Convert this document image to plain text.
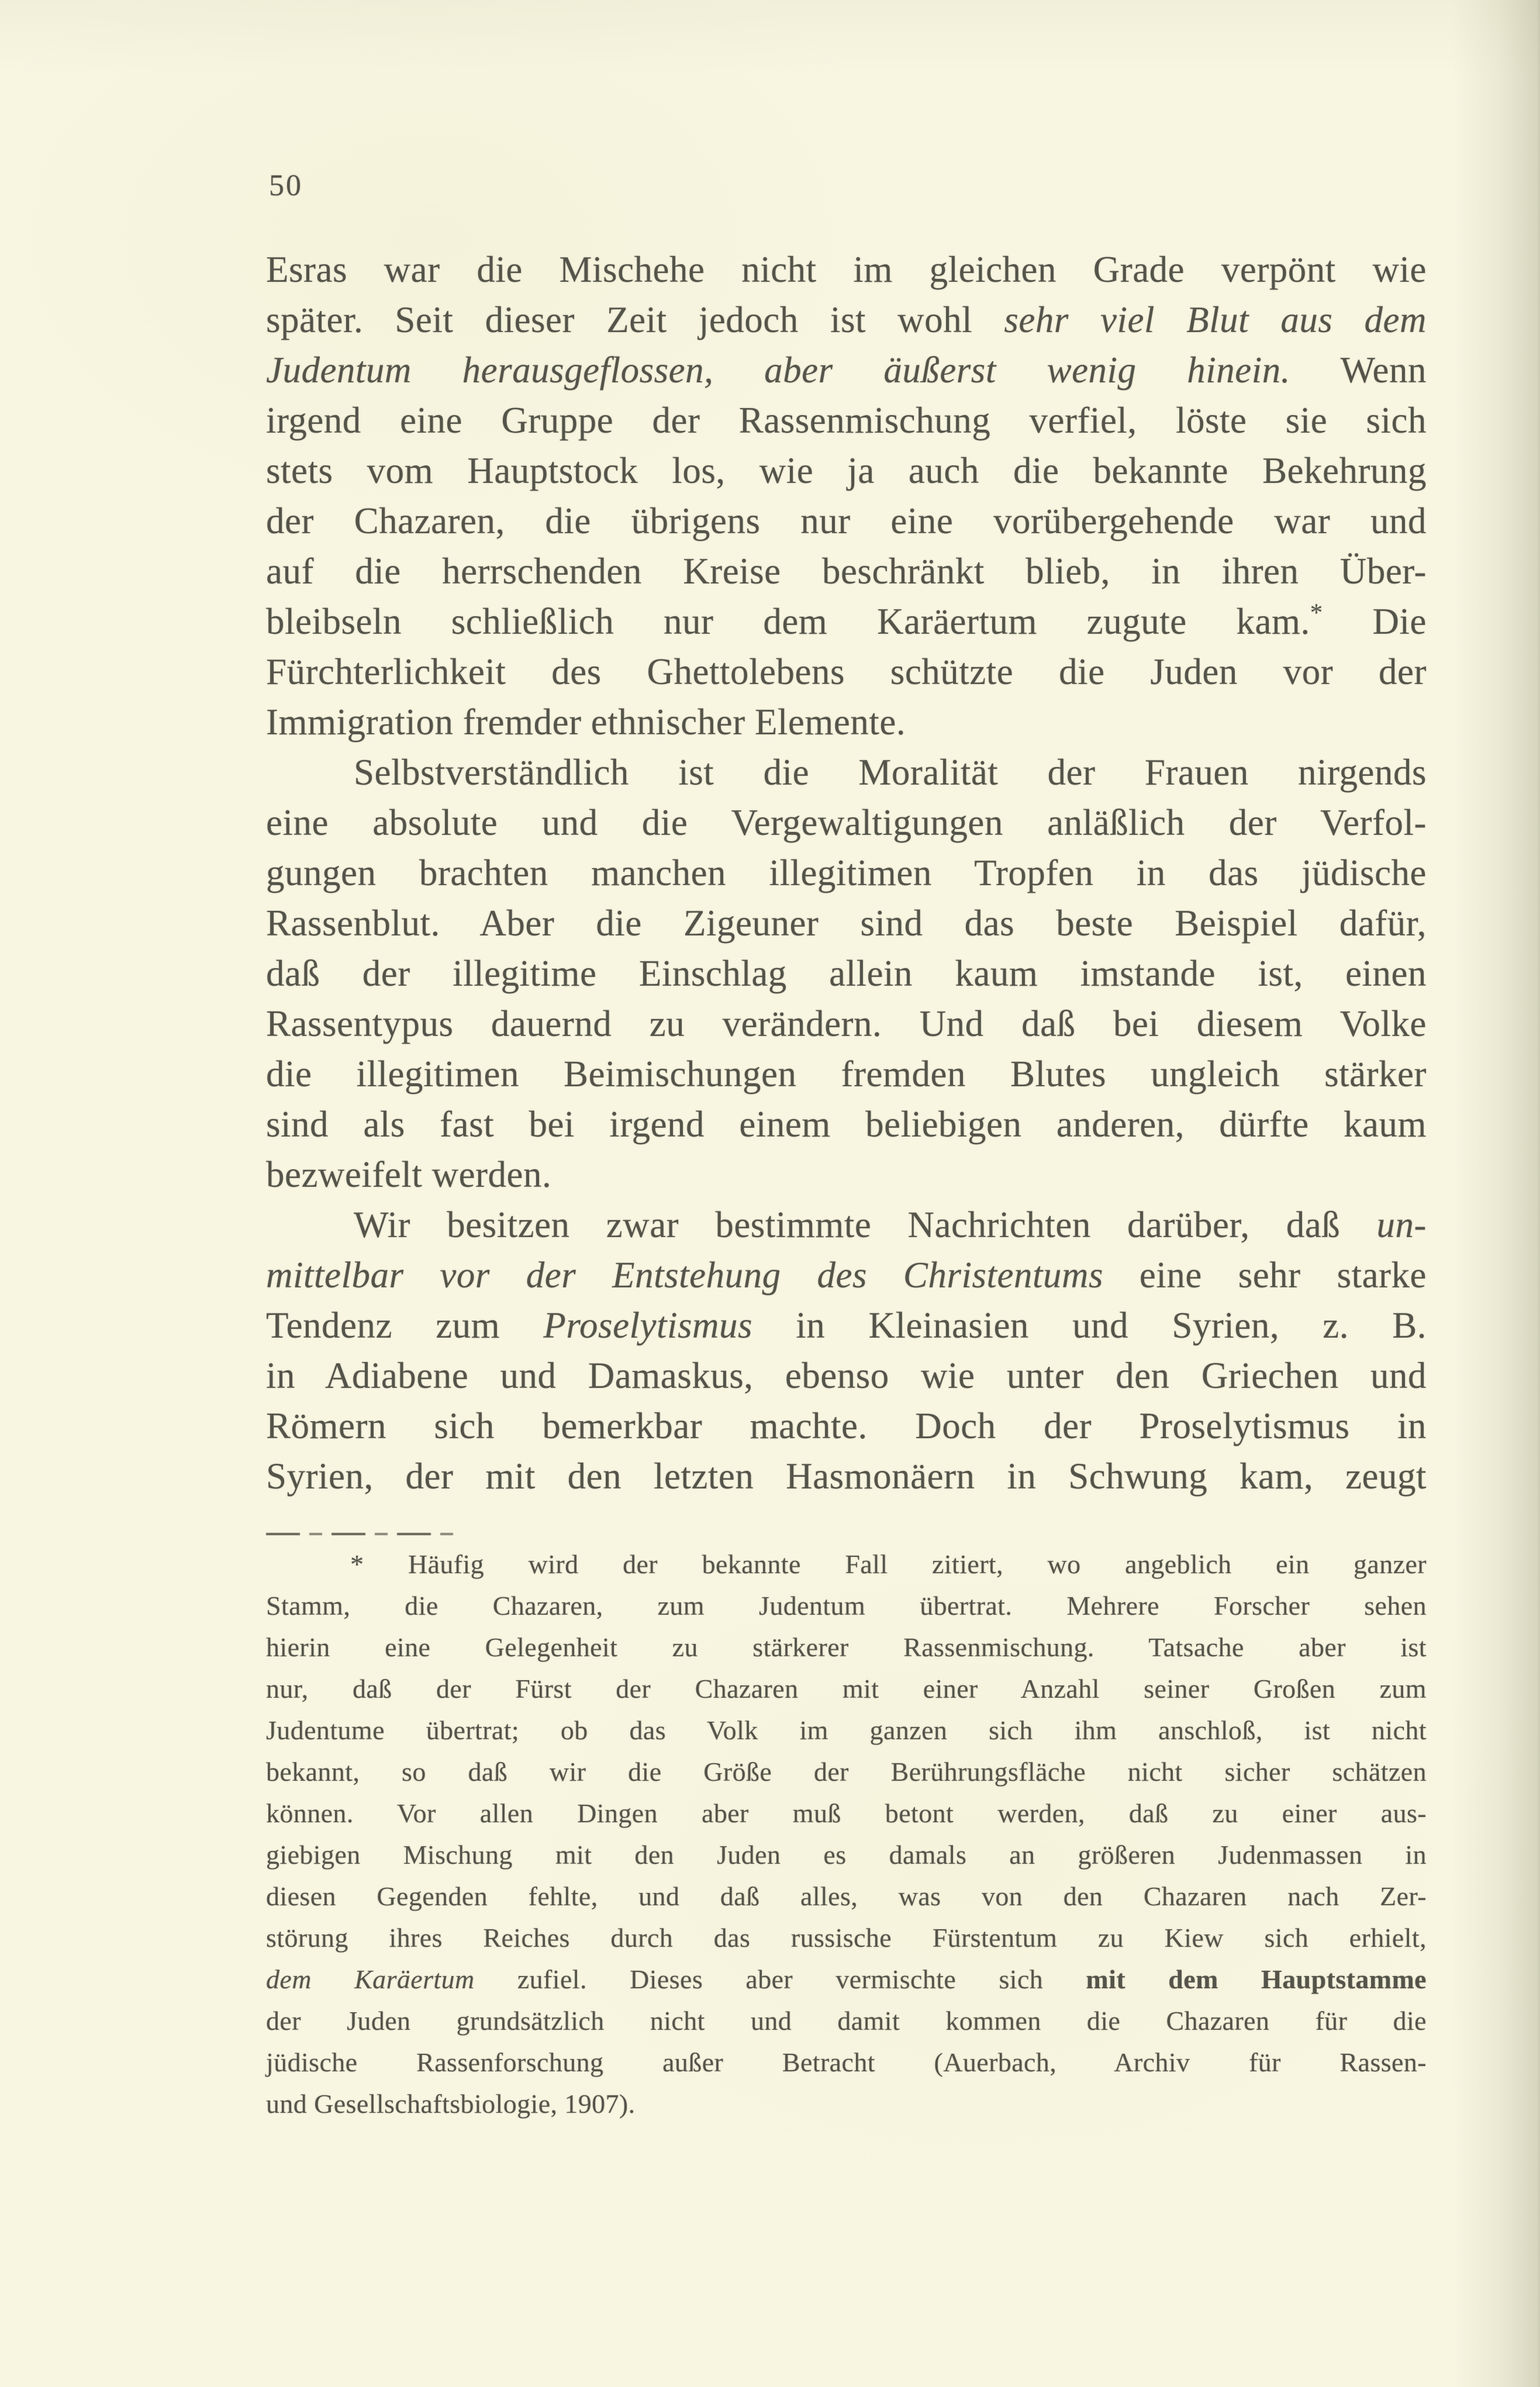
50
Esras war die Mischehe nicht im gleichen Grade verpönt wie
später. Seit dieser Zeit jedoch ist wohl sehr viel Blut aus dem
Judentum herausgeflossen, aber äußerst wenig hinein. Wenn
irgend eine Gruppe der Rassenmischung verfiel, löste sie sich
stets vom Hauptstock los, wie ja auch die bekannte Bekehrung
der Chazaren, die übrigens nur eine vorübergehende war und
auf die herrschenden Kreise beschränkt blieb, in ihren Über-
bleibseln schließlich nur dem Karäertum zugute kam.* Die
Fürchterlichkeit des Ghettolebens schützte die Juden vor der
Immigration fremder ethnischer Elemente.
Selbstverständlich ist die Moralität der Frauen nirgends
eine absolute und die Vergewaltigungen anläßlich der Verfol-
gungen brachten manchen illegitimen Tropfen in das jüdische
Rassenblut. Aber die Zigeuner sind das beste Beispiel dafür,
daß der illegitime Einschlag allein kaum imstande ist, einen
Rassentypus dauernd zu verändern. Und daß bei diesem Volke
die illegitimen Beimischungen fremden Blutes ungleich stärker
sind als fast bei irgend einem beliebigen anderen, dürfte kaum
bezweifelt werden.
Wir besitzen zwar bestimmte Nachrichten darüber, daß un-
mittelbar vor der Entstehung des Christentums eine sehr starke
Tendenz zum Proselytismus in Kleinasien und Syrien, z. B.
in Adiabene und Damaskus, ebenso wie unter den Griechen und
Römern sich bemerkbar machte. Doch der Proselytismus in
Syrien, der mit den letzten Hasmonäern in Schwung kam, zeugt
* Häufig wird der bekannte Fall zitiert, wo angeblich ein ganzer
Stamm, die Chazaren, zum Judentum übertrat. Mehrere Forscher sehen
hierin eine Gelegenheit zu stärkerer Rassenmischung. Tatsache aber ist
nur, daß der Fürst der Chazaren mit einer Anzahl seiner Großen zum
Judentume übertrat; ob das Volk im ganzen sich ihm anschloß, ist nicht
bekannt, so daß wir die Größe der Berührungsfläche nicht sicher schätzen
können. Vor allen Dingen aber muß betont werden, daß zu einer aus-
giebigen Mischung mit den Juden es damals an größeren Judenmassen in
diesen Gegenden fehlte, und daß alles, was von den Chazaren nach Zer-
störung ihres Reiches durch das russische Fürstentum zu Kiew sich erhielt,
dem Karäertum zufiel. Dieses aber vermischte sich mit dem Hauptstamme
der Juden grundsätzlich nicht und damit kommen die Chazaren für die
jüdische Rassenforschung außer Betracht (Auerbach, Archiv für Rassen-
und Gesellschaftsbiologie, 1907).
